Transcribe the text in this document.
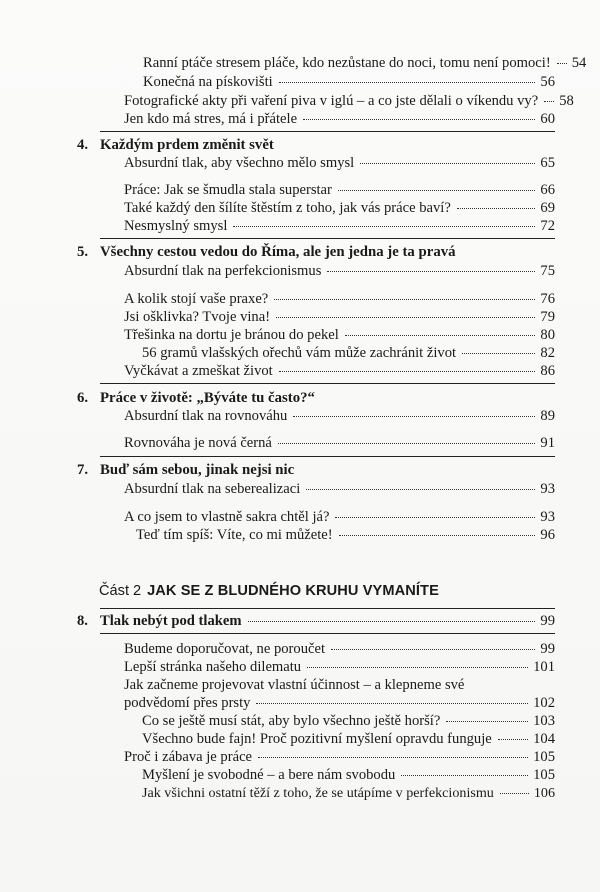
Ranní ptáče stresem pláče, kdo nezůstane do noci, tomu není pomoci! 54
Konečná na pískovišti	56
Fotografické akty při vaření piva v iglú – a co jste dělali o víkendu vy? 58
Jen kdo má stres, má i přátele	60
4. Každým prdem změnit svět
Absurdní tlak, aby všechno mělo smysl	65
Práce: Jak se šmudla stala superstar	66
Také každý den šílíte štěstím z toho, jak vás práce baví?	69
Nesmyslný smysl	72
5. Všechny cestou vedou do Říma, ale jen jedna je ta pravá
Absurdní tlak na perfekcionismus	75
A kolik stojí vaše praxe?	76
Jsi ošklivka? Tvoje vina!	79
Třešinka na dortu je bránou do pekel	80
56 gramů vlašských ořechů vám může zachránit život	82
Vyčkávat a zmeškat život	86
6. Práce v životě: „Býváte tu často?“
Absurdní tlak na rovnováhu	89
Rovnováha je nová černá	91
7. Buď sám sebou, jinak nejsi nic
Absurdní tlak na seberealizaci	93
A co jsem to vlastně sakra chtěl já?	93
Teď tím spíš: Víte, co mi můžete!	96
Část 2 JAK SE Z BLUDNÉHO KRUHU VYMANÍTE
8. Tlak nebýt pod tlakem	99
Budeme doporučovat, ne poroučet	99
Lepší stránka našeho dilematu	101
Jak začneme projevovat vlastní účinnost – a klepneme své
podvědomí přes prsty	102
Co se ještě musí stát, aby bylo všechno ještě horší?	103
Všechno bude fajn! Proč pozitivní myšlení opravdu funguje	104
Proč i zábava je práce	105
Myšlení je svobodné – a bere nám svobodu	105
Jak všichni ostatní těží z toho, že se utápíme v perfekcionismu	106
